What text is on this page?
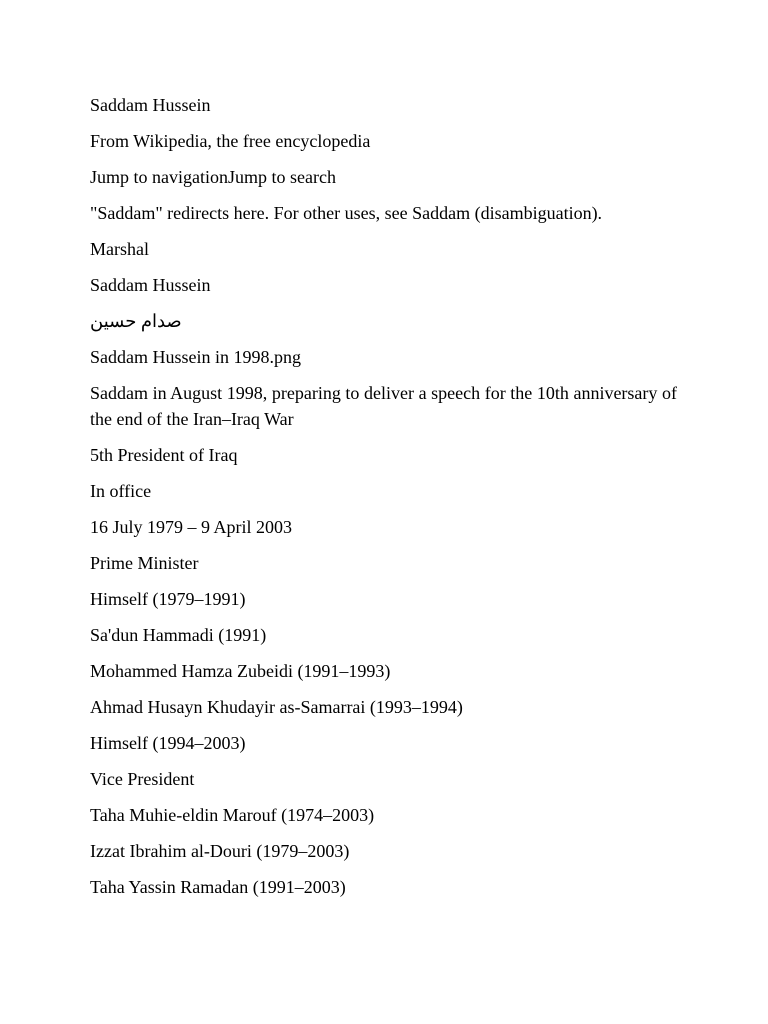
Saddam Hussein

From Wikipedia, the free encyclopedia

Jump to navigationJump to search

"Saddam" redirects here. For other uses, see Saddam (disambiguation).

Marshal

Saddam Hussein

صدام حسين

Saddam Hussein in 1998.png

Saddam in August 1998, preparing to deliver a speech for the 10th anniversary of the end of the Iran–Iraq War

5th President of Iraq

In office

16 July 1979 – 9 April 2003

Prime Minister

Himself (1979–1991)

Sa'dun Hammadi (1991)

Mohammed Hamza Zubeidi (1991–1993)

Ahmad Husayn Khudayir as-Samarrai (1993–1994)

Himself (1994–2003)

Vice President

Taha Muhie-eldin Marouf (1974–2003)

Izzat Ibrahim al-Douri (1979–2003)

Taha Yassin Ramadan (1991–2003)
